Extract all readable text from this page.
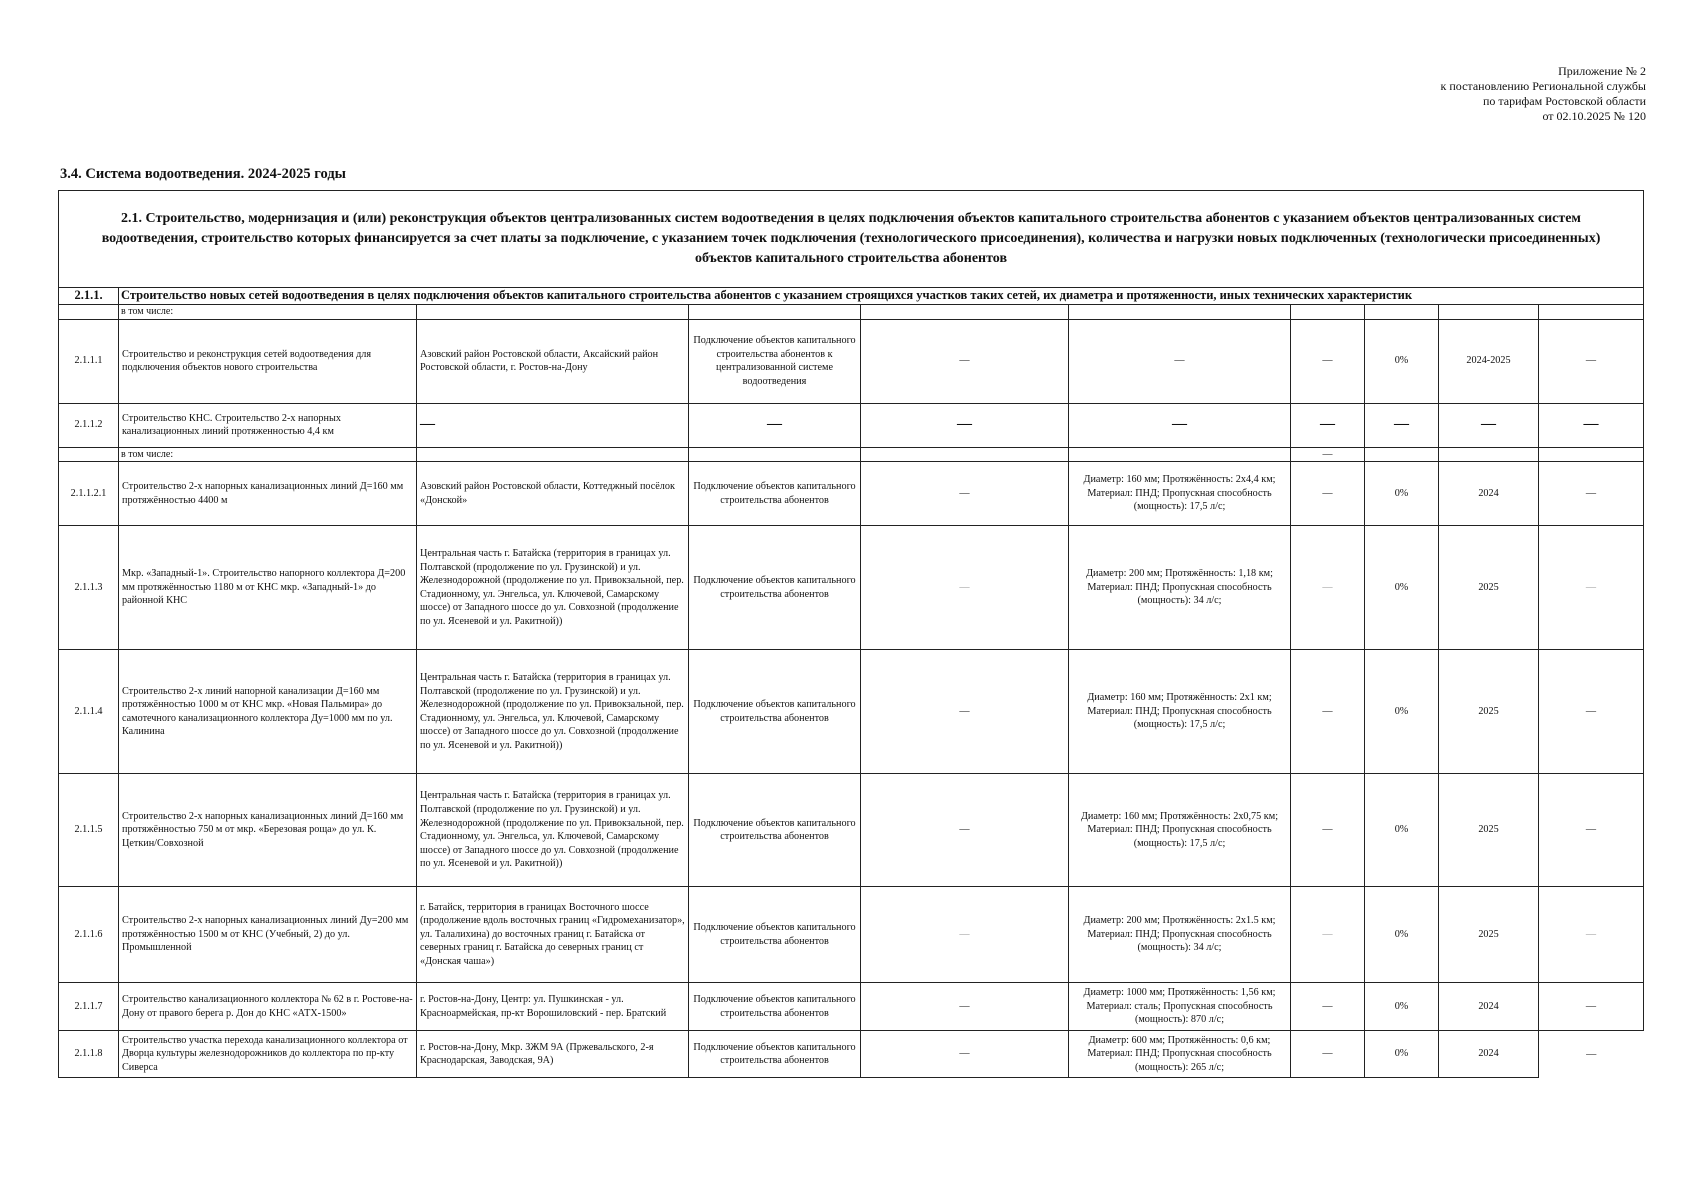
Приложение № 2
к постановлению Региональной службы
по тарифам Ростовской области
от 02.10.2025 № 120
3.4. Система водоотведения. 2024-2025 годы
2.1. Строительство, модернизация и (или) реконструкция объектов централизованных систем водоотведения в целях подключения объектов капитального строительства абонентов с указанием объектов централизованных систем водоотведения, строительство которых финансируется за счет платы за подключение, с указанием точек подключения (технологического присоединения), количества и нагрузки новых подключенных (технологически присоединенных) объектов капитального строительства абонентов									
2.1.1.	Строительство новых сетей водоотведения в целях подключения объектов капитального строительства абонентов с указанием строящихся участков таких сетей, их диаметра и протяженности, иных технических характеристик								
	в том числе:								
2.1.1.1	Строительство и реконструкция сетей водоотведения для подключения объектов нового строительства	Азовский район Ростовской области, Аксайский район Ростовской области, г. Ростов-на-Дону	Подключение объектов капитального строительства абонентов к централизованной системе водоотведения	—	—	—	0%	2024-2025	—
2.1.1.2	Строительство КНС. Строительство 2-х напорных канализационных линий протяженностью 4,4 км	—	—	—	—	—	—	—	—
	в том числе:					—			
2.1.1.2.1	Строительство 2-х напорных канализационных линий Д=160 мм протяжённостью 4400 м	Азовский район Ростовской области, Коттеджный посёлок «Донской»	Подключение объектов капитального строительства абонентов	—	Диаметр: 160 мм; Протяжённость: 2х4,4 км; Материал: ПНД; Пропускная способность (мощность): 17,5 л/с;	—	0%	2024	—
2.1.1.3	Мкр. «Западный-1». Строительство напорного коллектора Д=200 мм протяжённостью 1180 м от КНС мкр. «Западный-1» до районной КНС	Центральная часть г. Батайска (территория в границах ул. Полтавской (продолжение по ул. Грузинской) и ул. Железнодорожной (продолжение по ул. Привокзальной, пер. Стадионному, ул. Энгельса, ул. Ключевой, Самарскому шоссе) от Западного шоссе до ул. Совхозной (продолжение по ул. Ясеневой и ул. Ракитной))	Подключение объектов капитального строительства абонентов	—	Диаметр: 200 мм; Протяжённость: 1,18 км; Материал: ПНД; Пропускная способность (мощность): 34 л/с;	—	0%	2025	—
2.1.1.4	Строительство 2-х линий напорной канализации Д=160 мм протяжённостью 1000 м от КНС мкр. «Новая Пальмира» до самотечного канализационного коллектора Ду=1000 мм по ул. Калинина	Центральная часть г. Батайска (территория в границах ул. Полтавской (продолжение по ул. Грузинской) и ул. Железнодорожной (продолжение по ул. Привокзальной, пер. Стадионному, ул. Энгельса, ул. Ключевой, Самарскому шоссе) от Западного шоссе до ул. Совхозной (продолжение по ул. Ясеневой и ул. Ракитной))	Подключение объектов капитального строительства абонентов	—	Диаметр: 160 мм; Протяжённость: 2х1 км; Материал: ПНД; Пропускная способность (мощность): 17,5 л/с;	—	0%	2025	—
2.1.1.5	Строительство 2-х напорных канализационных линий Д=160 мм протяжённостью 750 м от мкр. «Березовая роща» до ул. К. Цеткин/Совхозной	Центральная часть г. Батайска (территория в границах ул. Полтавской (продолжение по ул. Грузинской) и ул. Железнодорожной (продолжение по ул. Привокзальной, пер. Стадионному, ул. Энгельса, ул. Ключевой, Самарскому шоссе) от Западного шоссе до ул. Совхозной (продолжение по ул. Ясеневой и ул. Ракитной))	Подключение объектов капитального строительства абонентов	—	Диаметр: 160 мм; Протяжённость: 2х0,75 км; Материал: ПНД; Пропускная способность (мощность): 17,5 л/с;	—	0%	2025	—
2.1.1.6	Строительство 2-х напорных канализационных линий Ду=200 мм протяжённостью 1500 м от КНС (Учебный, 2) до ул. Промышленной	г. Батайск, территория в границах Восточного шоссе (продолжение вдоль восточных границ «Гидромеханизатор», ул. Талалихина) до восточных границ г. Батайска от северных границ г. Батайска до северных границ ст «Донская чаша»)	Подключение объектов капитального строительства абонентов	—	Диаметр: 200 мм; Протяжённость: 2х1.5 км; Материал: ПНД; Пропускная способность (мощность): 34 л/с;	—	0%	2025	—
2.1.1.7	Строительство канализационного коллектора № 62 в г. Ростове-на-Дону от правого берега р. Дон до КНС «АТХ-1500»	г. Ростов-на-Дону, Центр: ул. Пушкинская - ул. Красноармейская, пр-кт Ворошиловский - пер. Братский	Подключение объектов капитального строительства абонентов	—	Диаметр: 1000 мм; Протяжённость: 1,56 км; Материал: сталь; Пропускная способность (мощность): 870 л/с;	—	0%	2024	—
2.1.1.8	Строительство участка перехода канализационного коллектора от Дворца культуры железнодорожников до коллектора по пр-кту Сиверса	г. Ростов-на-Дону, Мкр. ЗЖМ 9А (Пржевальского, 2-я Краснодарская, Заводская, 9А)	Подключение объектов капитального строительства абонентов	—	Диаметр: 600 мм; Протяжённость: 0,6 км; Материал: ПНД; Пропускная способность (мощность): 265 л/с;	—	0%	2024	—
